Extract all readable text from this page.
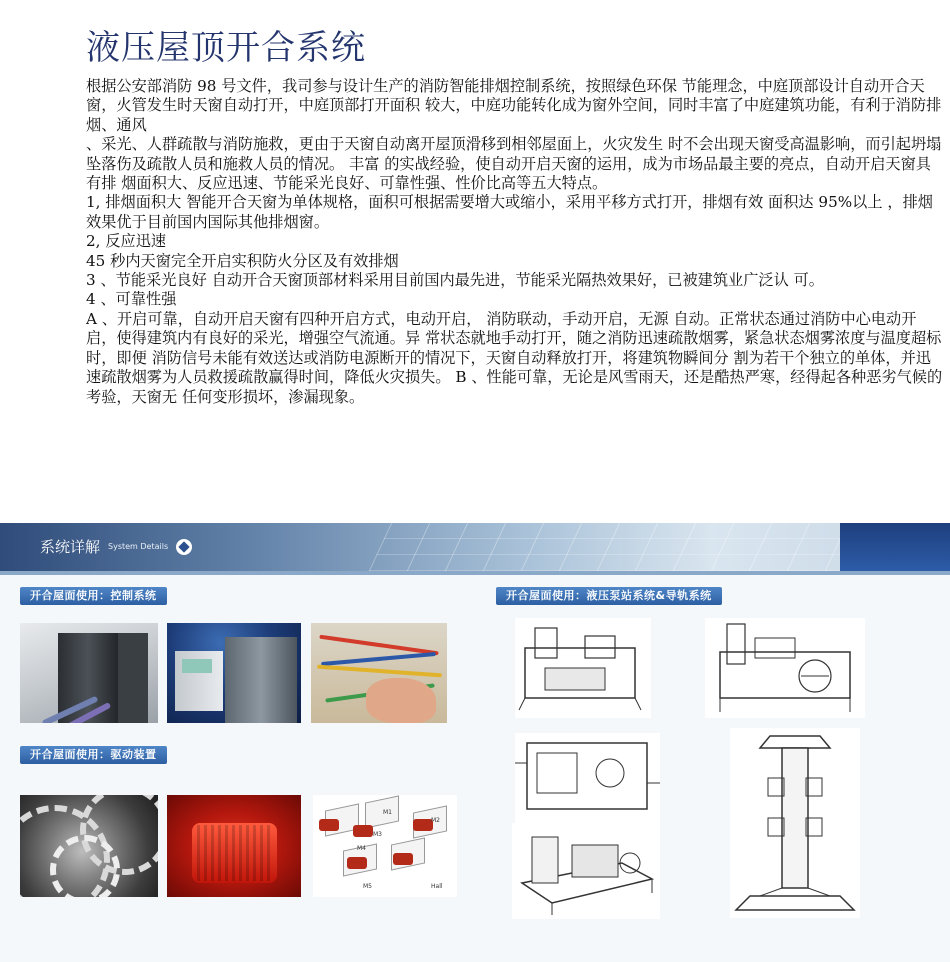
液压屋顶开合系统

根据公安部消防 98 号文件，我司参与设计生产的消防智能排烟控制系统，按照绿色环保 节能理念，中庭顶部设计自动开合天窗，火管发生时天窗自动打开，中庭顶部打开面积 较大，中庭功能转化成为窗外空间，同时丰富了中庭建筑功能，有利于消防排烟、通风

、采光、人群疏散与消防施救，更由于天窗自动离开屋顶滑移到相邻屋面上，火灾发生 时不会出现天窗受高温影响，而引起坍塌坠落伤及疏散人员和施救人员的情况。 丰富 的实战经验，使自动开启天窗的运用，成为市场品最主要的亮点，自动开启天窗具有排 烟面积大、反应迅速、节能采光良好、可靠性强、性价比高等五大特点。

1, 排烟面积大 智能开合天窗为单体规格，面积可根据需要增大或缩小，采用平移方式打开，排烟有效 面积达 95%以上 ，排烟效果优于目前国内国际其他排烟窗。

2, 反应迅速

45 秒内天窗完全开启实积防火分区及有效排烟

3 、节能采光良好 自动开合天窗顶部材料采用目前国内最先进，节能采光隔热效果好，已被建筑业广泛认 可。

4 、可靠性强

A 、开启可靠，自动开启天窗有四种开启方式，电动开启， 消防联动，手动开启，无源 自动。正常状态通过消防中心电动开启，使得建筑内有良好的采光，增强空气流通。异 常状态就地手动打开，随之消防迅速疏散烟雾，紧急状态烟雾浓度与温度超标时，即便 消防信号未能有效送达或消防电源断开的情况下，天窗自动释放打开，将建筑物瞬间分 割为若干个独立的单体，并迅速疏散烟雾为人员救援疏散赢得时间，降低火灾损失。 B 、性能可靠，无论是风雪雨天，还是酷热严寒，经得起各种恶劣气候的考验，天窗无 任何变形损坏，渗漏现象。

系统详解 System Details
开合屋面使用：控制系统	开合屋面使用：液压泵站系统&导轨系统
开合屋面使用：驱动装置
M1
M2
M3
M4
M5	Hall
